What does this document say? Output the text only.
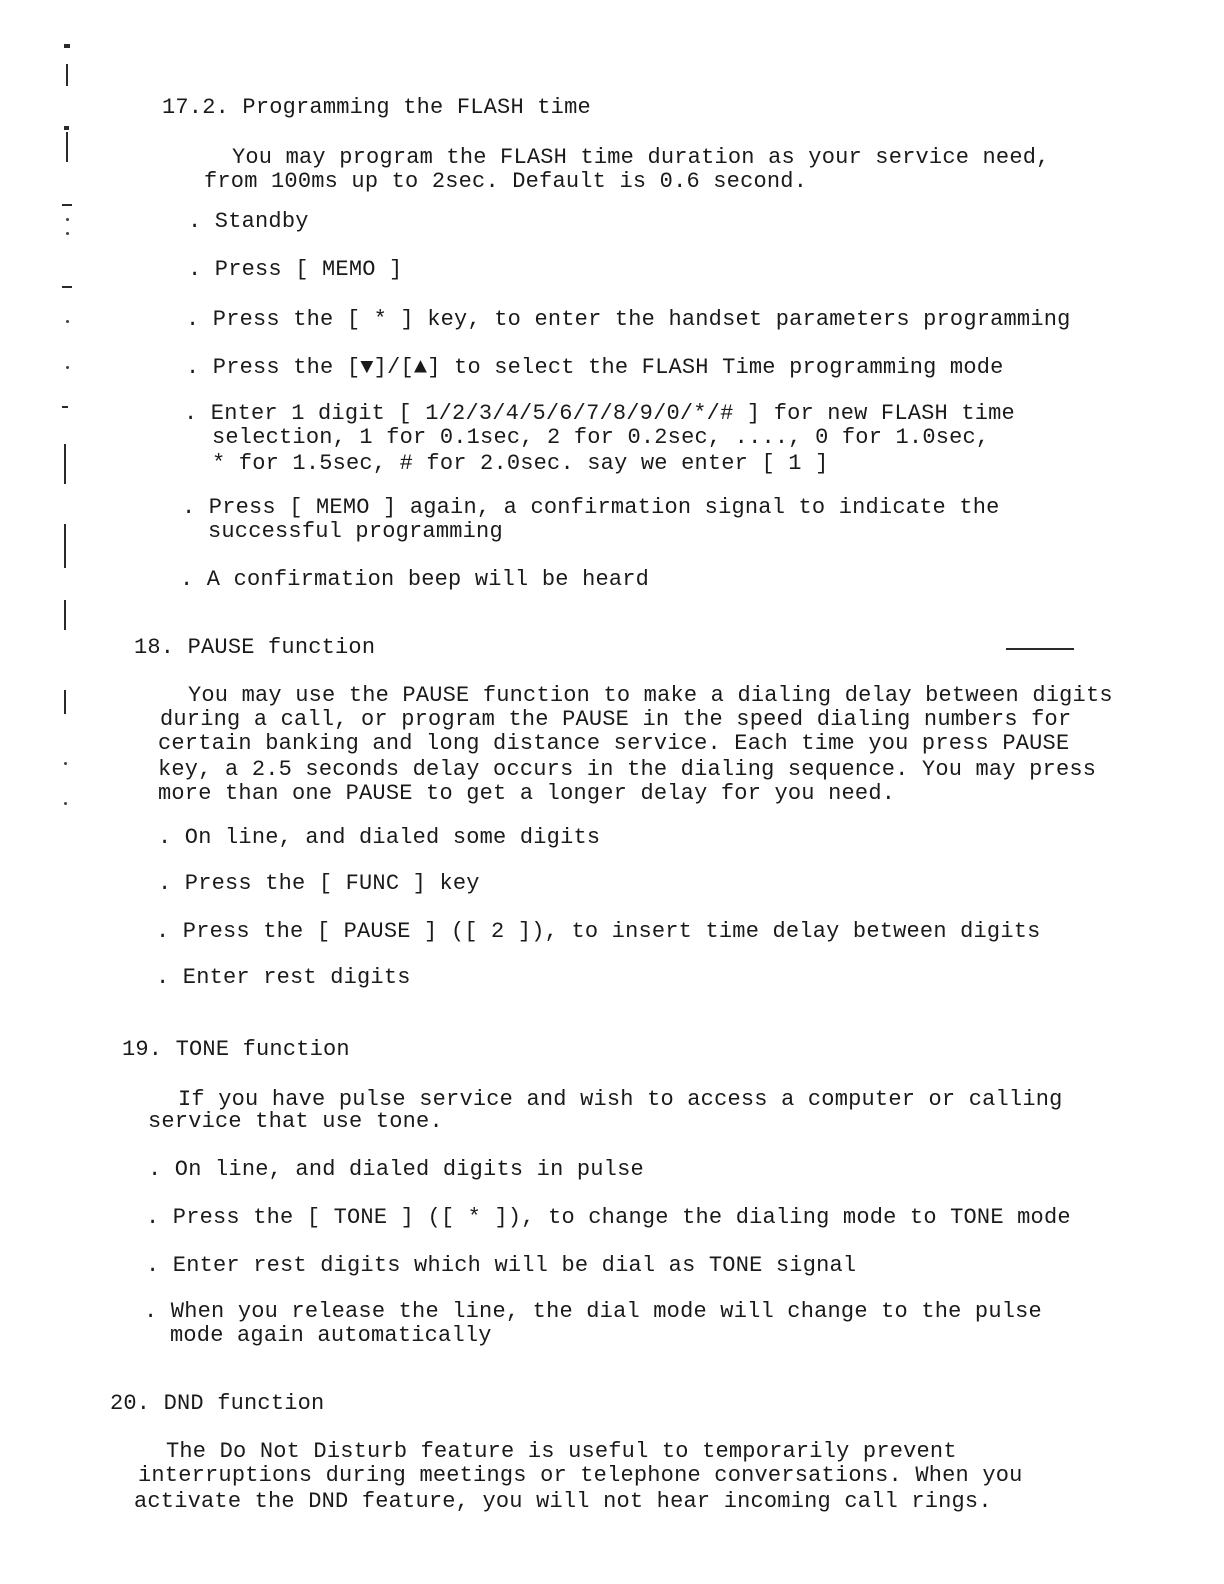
17.2. Programming the FLASH time
You may program the FLASH time duration as your service need,
from 100ms up to 2sec. Default is 0.6 second.
. Standby
. Press [ MEMO ]
. Press the [ * ] key, to enter the handset parameters programming
. Press the [▼]/[▲] to select the FLASH Time programming mode
. Enter 1 digit [ 1/2/3/4/5/6/7/8/9/0/*/# ] for new FLASH time
selection, 1 for 0.1sec, 2 for 0.2sec, ...., 0 for 1.0sec,
* for 1.5sec, # for 2.0sec. say we enter [ 1 ]
. Press [ MEMO ] again, a confirmation signal to indicate the
successful programming
. A confirmation beep will be heard
18. PAUSE function
You may use the PAUSE function to make a dialing delay between digits
during a call, or program the PAUSE in the speed dialing numbers for
certain banking and long distance service. Each time you press PAUSE
key, a 2.5 seconds delay occurs in the dialing sequence. You may press
more than one PAUSE to get a longer delay for you need.
. On line, and dialed some digits
. Press the [ FUNC ] key
. Press the [ PAUSE ] ([ 2 ]), to insert time delay between digits
. Enter rest digits
19. TONE function
If you have pulse service and wish to access a computer or calling
service that use tone.
. On line, and dialed digits in pulse
. Press the [ TONE ] ([ * ]), to change the dialing mode to TONE mode
. Enter rest digits which will be dial as TONE signal
. When you release the line, the dial mode will change to the pulse
mode again automatically
20. DND function
The Do Not Disturb feature is useful to temporarily prevent
interruptions during meetings or telephone conversations. When you
activate the DND feature, you will not hear incoming call rings.
